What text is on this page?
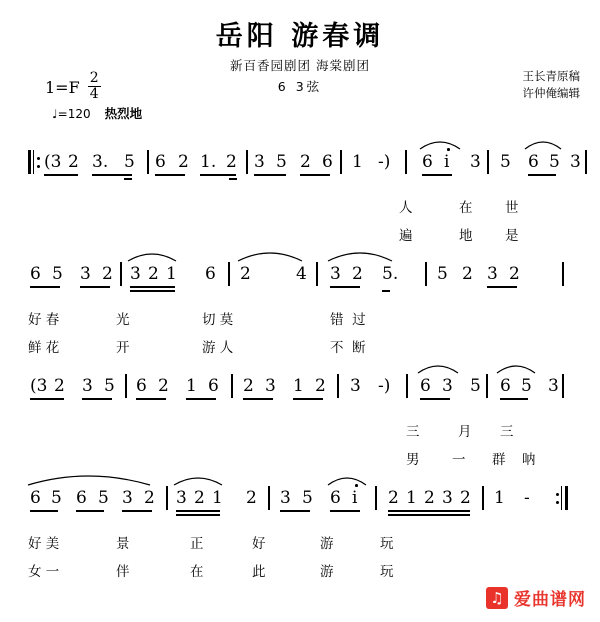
岳阳 游春调
新百香园剧团 海棠剧团
6 3弦
王长青原稿
许仲俺编辑
$1=F \frac{2}{4}$
♩=120 热烈地
(3 2 3. 5 6 2 1. 2 3 5 2 6 1 -) 6 i 3 5 6 5 3
人	在 世
遍	地 是
6 5 3 2 3 2 1 6 2	4 3 2 5. 5 2 3 2
好 春	光	切 莫	错  过
鲜 花	开	游 人	不  断
(3 2 3 5 6 2 1 6 2 3 1 2 3 -) 6 3 5 6 5 3
三	月 三
男 一 群 呐
6 5 6 5 3 2 3 2 1 2 3 5 6 i 2 1 2 3 2 1 -
好 美	景	正	好	游	玩
女 一	伴	在	此	游	玩
♫ 爱曲谱网
